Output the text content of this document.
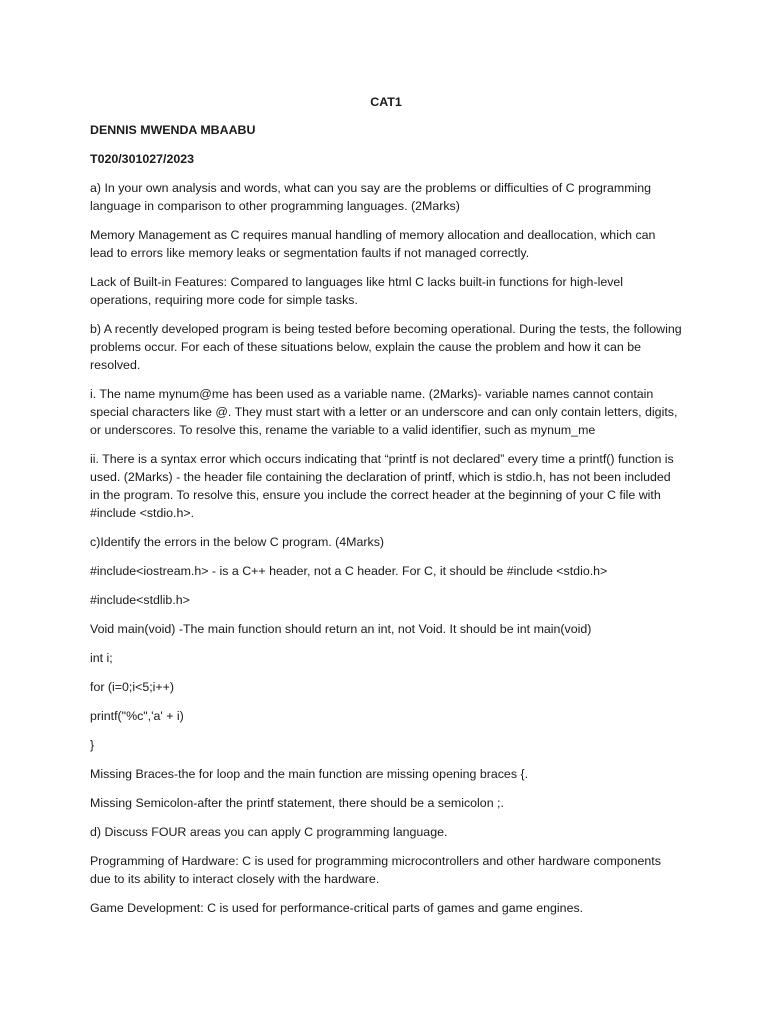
CAT1

DENNIS MWENDA MBAABU

T020/301027/2023

a) In your own analysis and words, what can you say are the problems or difficulties of C programming language in comparison to other programming languages. (2Marks)

Memory Management as C requires manual handling of memory allocation and deallocation, which can lead to errors like memory leaks or segmentation faults if not managed correctly.

Lack of Built-in Features: Compared to languages like html C lacks built-in functions for high-level operations, requiring more code for simple tasks.

b) A recently developed program is being tested before becoming operational. During the tests, the following problems occur. For each of these situations below, explain the cause the problem and how it can be resolved.

i. The name mynum@me has been used as a variable name. (2Marks)- variable names cannot contain special characters like @. They must start with a letter or an underscore and can only contain letters, digits, or underscores. To resolve this, rename the variable to a valid identifier, such as mynum_me

ii. There is a syntax error which occurs indicating that “printf is not declared” every time a printf() function is used. (2Marks) - the header file containing the declaration of printf, which is stdio.h, has not been included in the program. To resolve this, ensure you include the correct header at the beginning of your C file with #include <stdio.h>.

c)Identify the errors in the below C program. (4Marks)

#include<iostream.h> - is a C++ header, not a C header. For C, it should be #include <stdio.h>

#include<stdlib.h>

Void main(void) -The main function should return an int, not Void. It should be int main(void)

int i;

for (i=0;i<5;i++)

printf("%c",'a' + i)

}

Missing Braces-the for loop and the main function are missing opening braces {.

Missing Semicolon-after the printf statement, there should be a semicolon ;.

d) Discuss FOUR areas you can apply C programming language.

Programming of Hardware: C is used for programming microcontrollers and other hardware components due to its ability to interact closely with the hardware.

Game Development: C is used for performance-critical parts of games and game engines.
